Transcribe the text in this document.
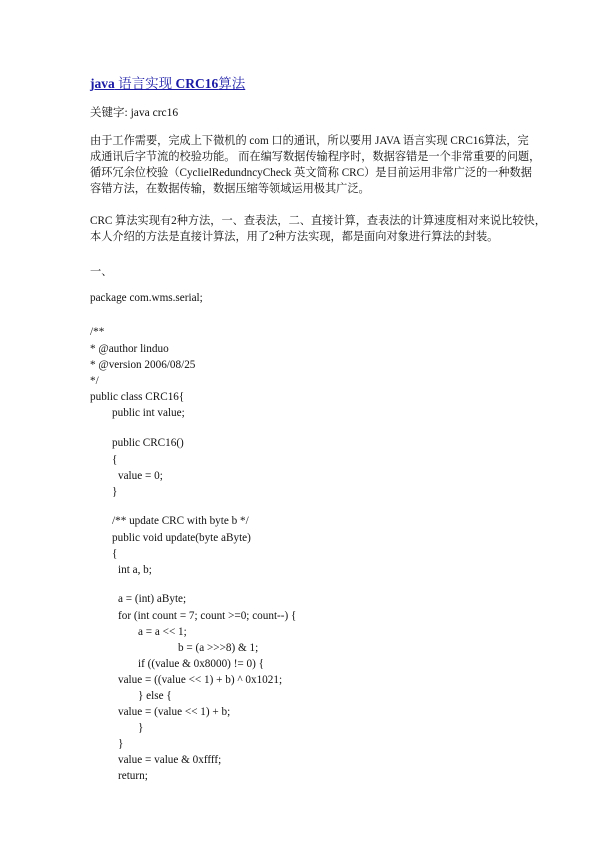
java 语言实现 CRC16算法
关键字: java crc16
由于工作需要，完成上下微机的 com 口的通讯，所以要用 JAVA 语言实现 CRC16算法，完
成通讯后字节流的校验功能。 而在编写数据传输程序时，数据容错是一个非常重要的问题，
循环冗余位校验（CyclielRedundncyCheck 英文简称 CRC）是目前运用非常广泛的一种数据
容错方法，在数据传输，数据压缩等领域运用极其广泛。
CRC 算法实现有2种方法，一、查表法，二、直接计算，查表法的计算速度相对来说比较快，
本人介绍的方法是直接计算法，用了2种方法实现，都是面向对象进行算法的封装。
一、
package com.wms.serial;
/**
* @author linduo
* @version 2006/08/25
*/
public class CRC16{
public int value;
public CRC16()
{
value = 0;
}
/** update CRC with byte b */
public void update(byte aByte)
{
int a, b;
a = (int) aByte;
for (int count = 7; count >=0; count--) {
a = a << 1;
b = (a >>>8) & 1;
if ((value & 0x8000) != 0) {
value = ((value << 1) + b) ^ 0x1021;
} else {
value = (value << 1) + b;
}
}
value = value & 0xffff;
return;
